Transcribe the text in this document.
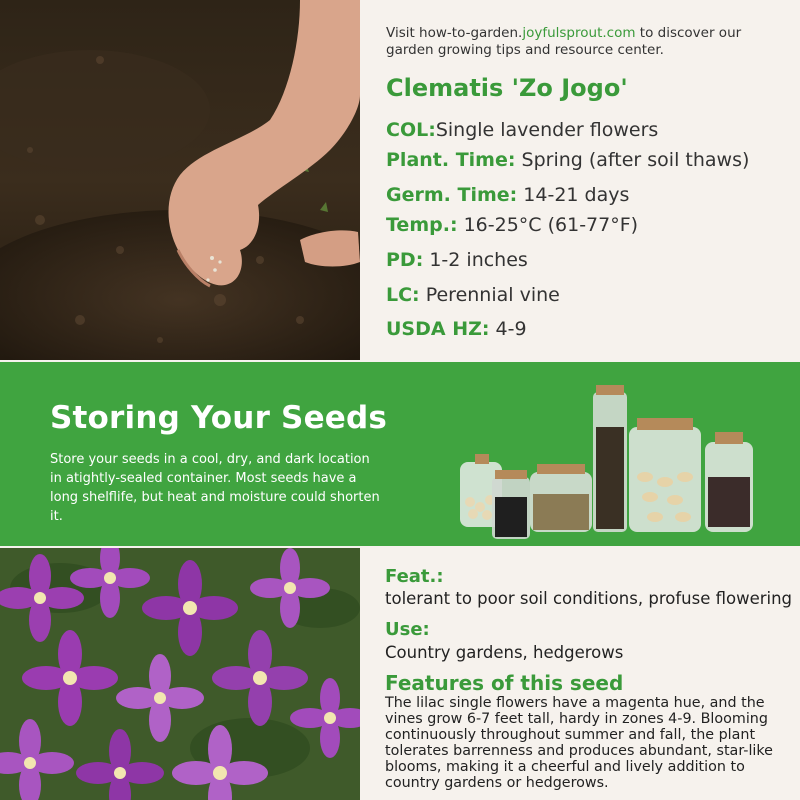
Visit how-to-garden.joyfulsprout.com to discover our garden growing tips and resource center.
Clematis 'Zo Jogo'
COL:Single lavender flowers
Plant. Time: Spring (after soil thaws)
Germ. Time: 14-21 days
Temp.: 16-25°C (61-77°F)
PD: 1-2 inches
LC: Perennial vine
USDA HZ: 4-9
Storing Your Seeds
Store your seeds in a cool, dry, and dark location in atightly-sealed container. Most seeds have a long shelflife, but heat and moisture could shorten it.
Feat.:
tolerant to poor soil conditions, profuse flowering
Use:
Country gardens, hedgerows
Features of this seed
The lilac single flowers have a magenta hue, and the vines grow 6-7 feet tall, hardy in zones 4-9. Blooming continuously throughout summer and fall, the plant tolerates barrenness and produces abundant, star-like blooms, making it a cheerful and lively addition to country gardens or hedgerows.
